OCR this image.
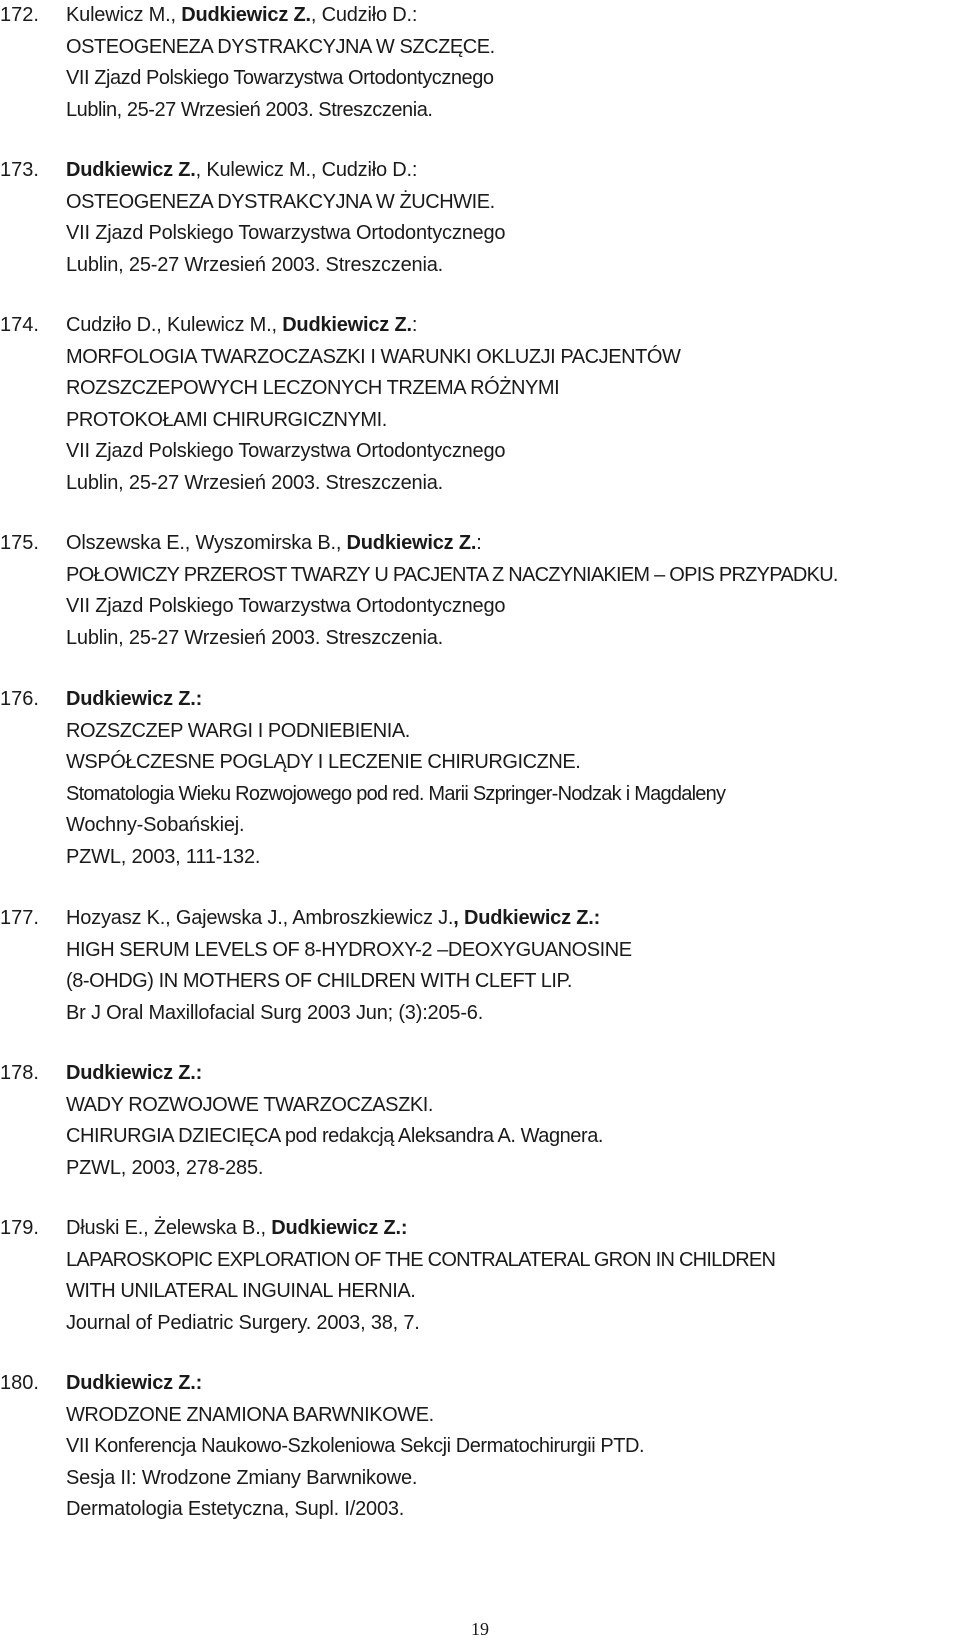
172.	Kulewicz M., Dudkiewicz Z., Cudziło D.:
OSTEOGENEZA DYSTRAKCYJNA W SZCZĘCE.
VII Zjazd Polskiego Towarzystwa Ortodontycznego
Lublin, 25-27 Wrzesień 2003. Streszczenia.
173.	Dudkiewicz Z., Kulewicz M., Cudziło D.:
OSTEOGENEZA DYSTRAKCYJNA W ŻUCHWIE.
VII Zjazd Polskiego Towarzystwa Ortodontycznego
Lublin, 25-27 Wrzesień 2003. Streszczenia.
174.	Cudziło D., Kulewicz M., Dudkiewicz Z.:
MORFOLOGIA TWARZOCZASZKI I WARUNKI OKLUZJI PACJENTÓW
ROZSZCZEPOWYCH LECZONYCH TRZEMA RÓŻNYMI
PROTOKOŁAMI CHIRURGICZNYMI.
VII Zjazd Polskiego Towarzystwa Ortodontycznego
Lublin, 25-27 Wrzesień 2003. Streszczenia.
175.	Olszewska E., Wyszomirska B., Dudkiewicz Z.:
POŁOWICZY PRZEROST TWARZY U PACJENTA Z NACZYNIAKIEM – OPIS PRZYPADKU.
VII Zjazd Polskiego Towarzystwa Ortodontycznego
Lublin, 25-27 Wrzesień 2003. Streszczenia.
176.	Dudkiewicz Z.:
ROZSZCZEP WARGI I PODNIEBIENIA.
WSPÓŁCZESNE POGLĄDY I LECZENIE CHIRURGICZNE.
Stomatologia Wieku Rozwojowego pod red. Marii Szpringer-Nodzak i Magdaleny
Wochny-Sobańskiej.
PZWL, 2003, 111-132.
177.	Hozyasz K., Gajewska J., Ambroszkiewicz J., Dudkiewicz Z.:
HIGH SERUM LEVELS OF 8-HYDROXY-2 –DEOXYGUANOSINE
(8-OHDG) IN MOTHERS OF CHILDREN WITH CLEFT LIP.
Br J Oral Maxillofacial Surg 2003 Jun; (3):205-6.
178.	Dudkiewicz Z.:
WADY ROZWOJOWE TWARZOCZASZKI.
CHIRURGIA DZIECIĘCA pod redakcją Aleksandra A. Wagnera.
PZWL, 2003, 278-285.
179.	Dłuski E., Żelewska B., Dudkiewicz Z.:
LAPAROSKOPIC EXPLORATION OF THE CONTRALATERAL GRON IN CHILDREN
WITH UNILATERAL INGUINAL HERNIA.
Journal of Pediatric Surgery. 2003, 38, 7.
180.	Dudkiewicz Z.:
WRODZONE ZNAMIONA BARWNIKOWE.
VII Konferencja Naukowo-Szkoleniowa Sekcji Dermatochirurgii PTD.
Sesja II: Wrodzone Zmiany Barwnikowe.
Dermatologia Estetyczna, Supl. I/2003.
19
